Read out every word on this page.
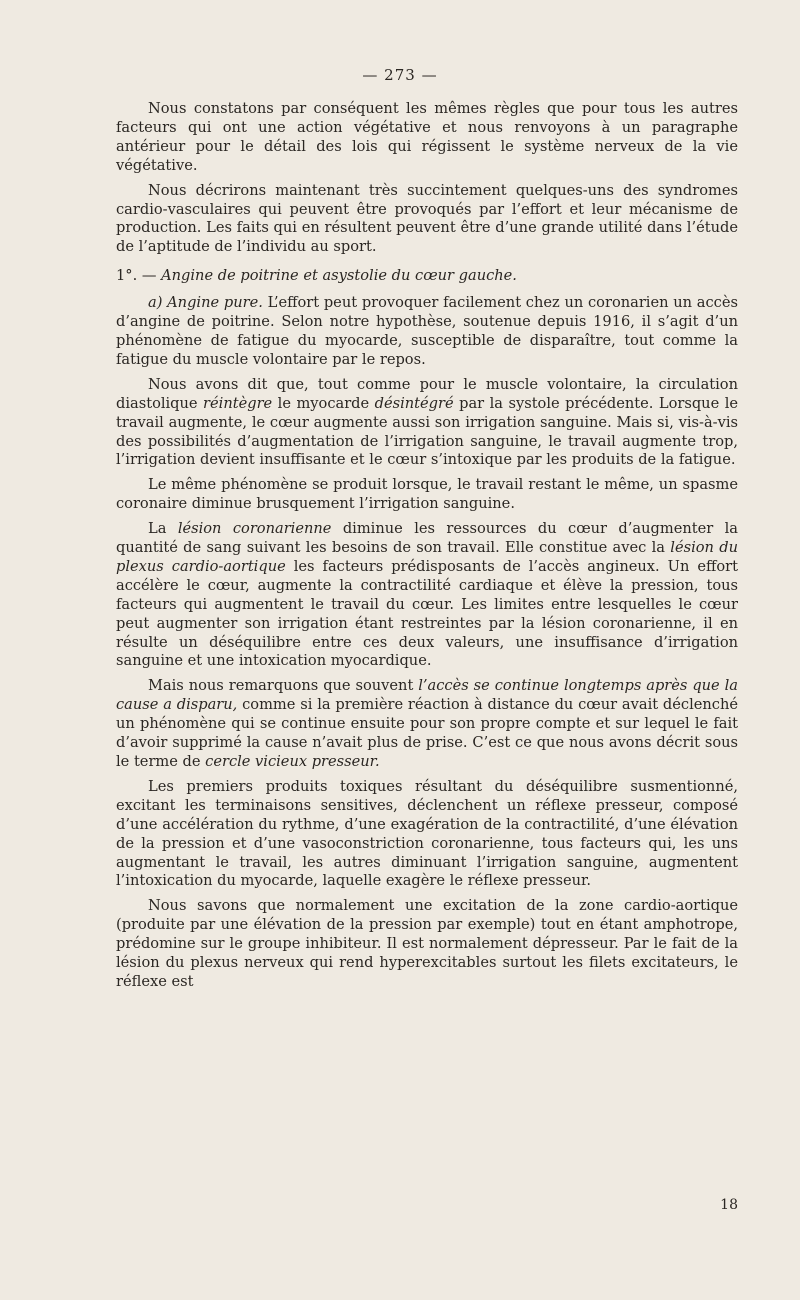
— 273 —

Nous constatons par conséquent les mêmes règles que pour tous les autres facteurs qui ont une action végétative et nous renvoyons à un paragraphe antérieur pour le détail des lois qui régissent le système nerveux de la vie végétative.

Nous décrirons maintenant très succintement quelques-uns des syndromes cardio-vasculaires qui peuvent être provoqués par l’effort et leur mécanisme de production. Les faits qui en résultent peuvent être d’une grande utilité dans l’étude de l’aptitude de l’individu au sport.

1°. — Angine de poitrine et asystolie du cœur gauche.

a) Angine pure. L’effort peut provoquer facilement chez un coronarien un accès d’angine de poitrine. Selon notre hypothèse, soutenue depuis 1916, il s’agit d’un phénomène de fatigue du myocarde, susceptible de disparaître, tout comme la fatigue du muscle volontaire par le repos.

Nous avons dit que, tout comme pour le muscle volontaire, la circulation diastolique réintègre le myocarde désintégré par la systole précédente. Lorsque le travail augmente, le cœur augmente aussi son irrigation sanguine. Mais si, vis-à-vis des possibilités d’augmentation de l’irrigation sanguine, le travail augmente trop, l’irrigation devient insuffisante et le cœur s’intoxique par les produits de la fatigue.

Le même phénomène se produit lorsque, le travail restant le même, un spasme coronaire diminue brusquement l’irrigation sanguine.

La lésion coronarienne diminue les ressources du cœur d’augmenter la quantité de sang suivant les besoins de son travail. Elle constitue avec la lésion du plexus cardio-aortique les facteurs prédisposants de l’accès angineux. Un effort accélère le cœur, augmente la contractilité cardiaque et élève la pression, tous facteurs qui augmentent le travail du cœur. Les limites entre lesquelles le cœur peut augmenter son irrigation étant restreintes par la lésion coronarienne, il en résulte un déséquilibre entre ces deux valeurs, une insuffisance d’irrigation sanguine et une intoxication myocardique.

Mais nous remarquons que souvent l’accès se continue longtemps après que la cause a disparu, comme si la première réaction à distance du cœur avait déclenché un phénomène qui se continue ensuite pour son propre compte et sur lequel le fait d’avoir supprimé la cause n’avait plus de prise. C’est ce que nous avons décrit sous le terme de cercle vicieux presseur.

Les premiers produits toxiques résultant du déséquilibre susmentionné, excitant les terminaisons sensitives, déclenchent un réflexe presseur, composé d’une accélération du rythme, d’une exagération de la contractilité, d’une élévation de la pression et d’une vasoconstriction coronarienne, tous facteurs qui, les uns augmentant le travail, les autres diminuant l’irrigation sanguine, augmentent l’intoxication du myocarde, laquelle exagère le réflexe presseur.

Nous savons que normalement une excitation de la zone cardio-aortique (produite par une élévation de la pression par exemple) tout en étant amphotrope, prédomine sur le groupe inhibiteur. Il est normalement dépresseur. Par le fait de la lésion du plexus nerveux qui rend hyperexcitables surtout les filets excitateurs, le réflexe est

18
